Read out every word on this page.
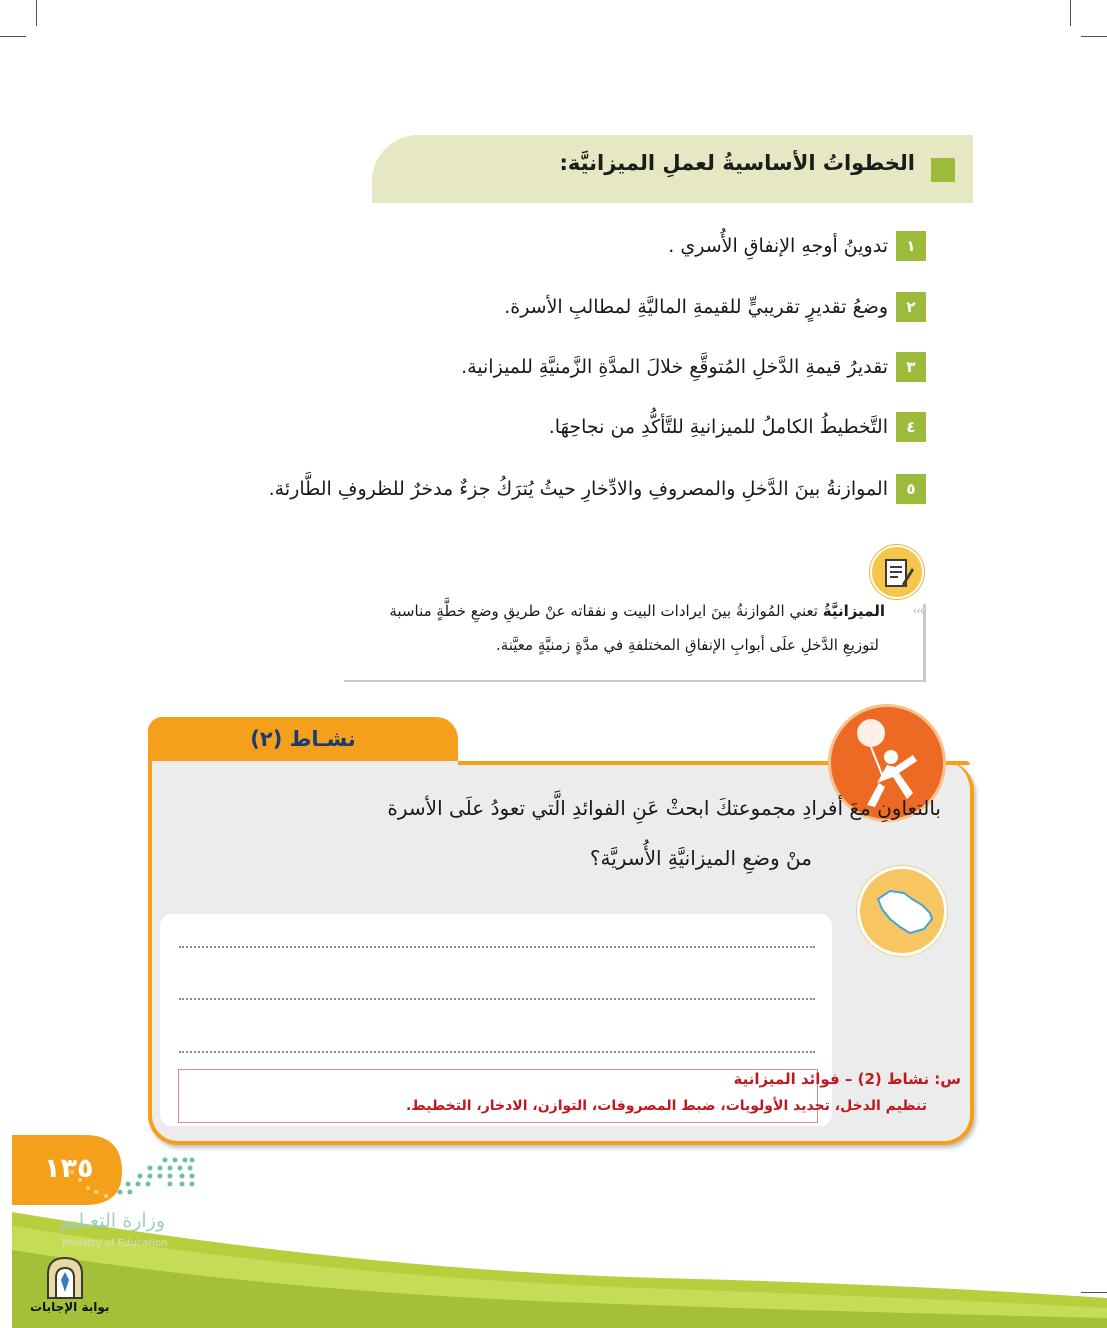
الخطواتُ الأساسيةُ لعملِ الميزانيَّة:
١
تدوينُ أوجهِ الإنفاقِ الأُسري .
٢
وضعُ تقديرٍ تقريبيٍّ للقيمةِ الماليَّةِ لمطالبِ الأسرة.
٣
تقديرُ قيمةِ الدَّخلِ المُتوقَّعِ خلالَ المدَّةِ الزَّمنيَّةِ للميزانية.
٤
التَّخطيطُ الكاملُ للميزانيةِ للتَّأكُّدِ من نجاحِهَا.
٥
الموازنةُ بينَ الدَّخلِ والمصروفِ والادِّخارِ حيثُ يُترَكُ جزءٌ مدخرٌ للظروفِ الطَّارئة.
›››
الميزانيَّةُ تعني المُوازنةُ بينَ ايرادات البيت و نفقاته عنْ طريقِ وضعِ خطَّةٍ مناسبة
لتوزيعِ الدَّخلِ علَى أبوابِ الإنفاقِ المختلفةِ في مدَّةٍ زمنيَّةٍ معيَّنة.
نشـاط (٢)
بالتعاونِ معَ أفرادِ مجموعتكَ ابحثْ عَنِ الفوائدِ الَّتي تعودُ علَى الأسرة
منْ وضعِ الميزانيَّةِ الأُسريَّة؟
س: نشاط (2) – فوائد الميزانية
تنظيم الدخل، تحديد الأولويات، ضبط المصروفات، التوازن، الادخار، التخطيط.
١٣٥
وزارة التعـليم
Ministry of Education
بوابة الإجابات
